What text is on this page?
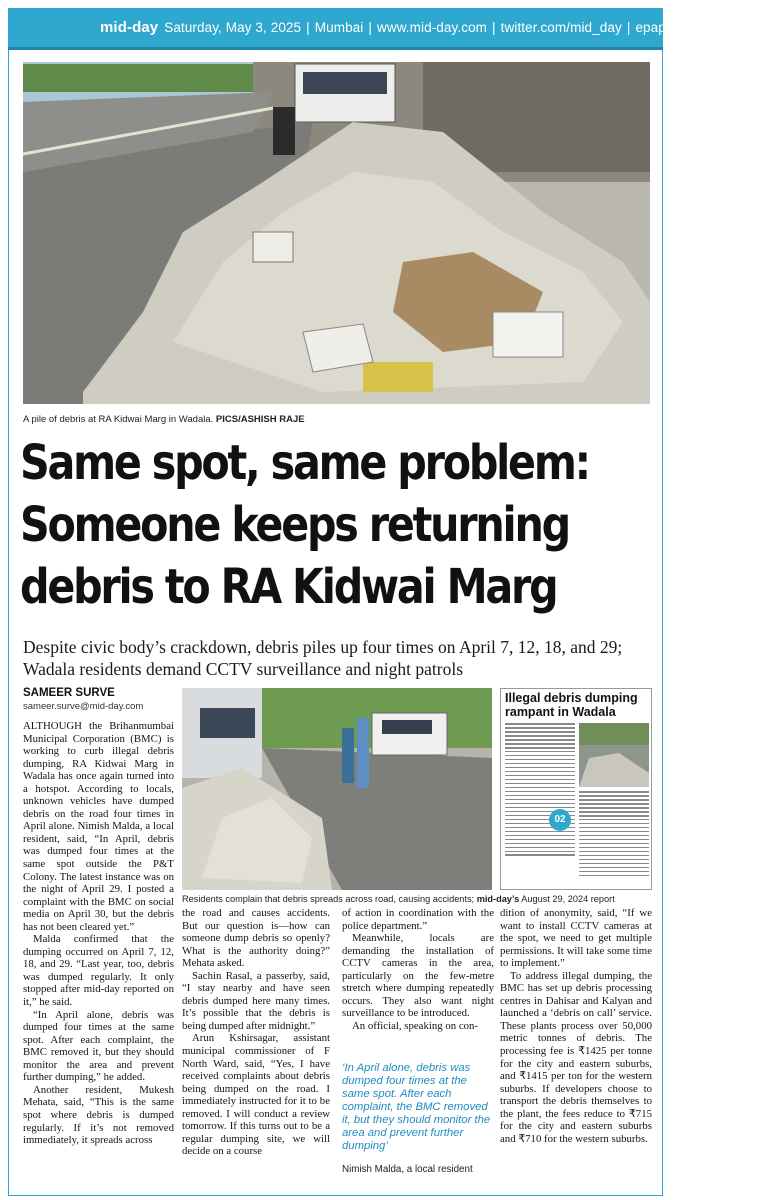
mid-day Saturday, May 3, 2025 | Mumbai | www.mid-day.com | twitter.com/mid_day | epaper.mid-day.com
A pile of debris at RA Kidwai Marg in Wadala. PICS/ASHISH RAJE
Same spot, same problem:
Someone keeps returning
debris to RA Kidwai Marg
Despite civic body’s crackdown, debris piles up four times on April 7, 12, 18, and 29; Wadala residents demand CCTV surveillance and night patrols
SAMEER SURVE
sameer.surve@mid-day.com

ALTHOUGH the Brihanmumbai Municipal Corporation (BMC) is working to curb illegal debris dumping, RA Kidwai Marg in Wadala has once again turned into a hotspot. According to locals, unknown vehicles have dumped debris on the road four times in April alone. Nimish Malda, a local resident, said, “In April, debris was dumped four times at the same spot outside the P&T Colony. The latest instance was on the night of April 29. I posted a complaint with the BMC on social media on April 30, but the debris has not been cleared yet.”

Malda confirmed that the dumping occurred on April 7, 12, 18, and 29. “Last year, too, debris was dumped regularly. It only stopped after mid-day reported on it,” he said.

“In April alone, debris was dumped four times at the same spot. After each complaint, the BMC removed it, but they should monitor the area and prevent further dumping,” he added.

Another resident, Mukesh Mehata, said, “This is the same spot where debris is dumped regularly. If it’s not removed immediately, it spreads across

Residents complain that debris spreads across road, causing accidents; mid-day’s August 29, 2024 report
Illegal debris dumping rampant in Wadala
02

the road and causes accidents. But our question is—how can someone dump debris so openly? What is the authority doing?” Mehata asked.

Sachin Rasal, a passerby, said, “I stay nearby and have seen debris dumped here many times. It’s possible that the debris is being dumped after midnight.”

Arun Kshirsagar, assistant municipal commissioner of F North Ward, said, “Yes, I have received complaints about debris being dumped on the road. I immediately instructed for it to be removed. I will conduct a review tomorrow. If this turns out to be a regular dumping site, we will decide on a course

of action in coordination with the police department.”

Meanwhile, locals are demanding the installation of CCTV cameras in the area, particularly on the few-metre stretch where dumping repeatedly occurs. They also want night surveillance to be introduced.

An official, speaking on con-

‘In April alone, debris was dumped four times at the same spot. After each complaint, the BMC removed it, but they should monitor the area and prevent further dumping’
Nimish Malda, a local resident

dition of anonymity, said, “If we want to install CCTV cameras at the spot, we need to get multiple permissions. It will take some time to implement.”

To address illegal dumping, the BMC has set up debris processing centres in Dahisar and Kalyan and launched a ‘debris on call’ service. These plants process over 50,000 metric tonnes of debris. The processing fee is ₹1425 per tonne for the city and eastern suburbs, and ₹1415 per ton for the western suburbs. If developers choose to transport the debris themselves to the plant, the fees reduce to ₹715 for the city and eastern suburbs and ₹710 for the western suburbs.
